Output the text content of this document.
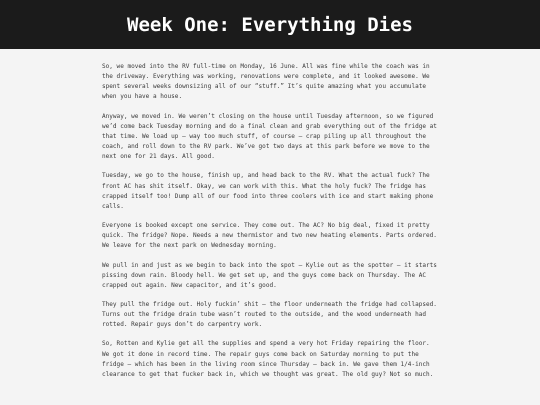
Week One: Everything Dies

So, we moved into the RV full-time on Monday, 16 June. All was fine while the coach was in the driveway. Everything was working, renovations were complete, and it looked awesome. We spent several weeks downsizing all of our “stuff.” It’s quite amazing what you accumulate when you have a house.

Anyway, we moved in. We weren’t closing on the house until Tuesday afternoon, so we figured we’d come back Tuesday morning and do a final clean and grab everything out of the fridge at that time. We load up — way too much stuff, of course — crap piling up all throughout the coach, and roll down to the RV park. We’ve got two days at this park before we move to the next one for 21 days. All good.

Tuesday, we go to the house, finish up, and head back to the RV. What the actual fuck? The front AC has shit itself. Okay, we can work with this. What the holy fuck? The fridge has crapped itself too! Dump all of our food into three coolers with ice and start making phone calls.

Everyone is booked except one service. They come out. The AC? No big deal, fixed it pretty quick. The fridge? Nope. Needs a new thermistor and two new heating elements. Parts ordered. We leave for the next park on Wednesday morning.

We pull in and just as we begin to back into the spot — Kylie out as the spotter — it starts pissing down rain. Bloody hell. We get set up, and the guys come back on Thursday. The AC crapped out again. New capacitor, and it’s good.

They pull the fridge out. Holy fuckin’ shit — the floor underneath the fridge had collapsed. Turns out the fridge drain tube wasn’t routed to the outside, and the wood underneath had rotted. Repair guys don’t do carpentry work.

So, Rotten and Kylie get all the supplies and spend a very hot Friday repairing the floor. We got it done in record time. The repair guys come back on Saturday morning to put the fridge — which has been in the living room since Thursday — back in. We gave them 1/4-inch clearance to get that fucker back in, which we thought was great. The old guy? Not so much.
